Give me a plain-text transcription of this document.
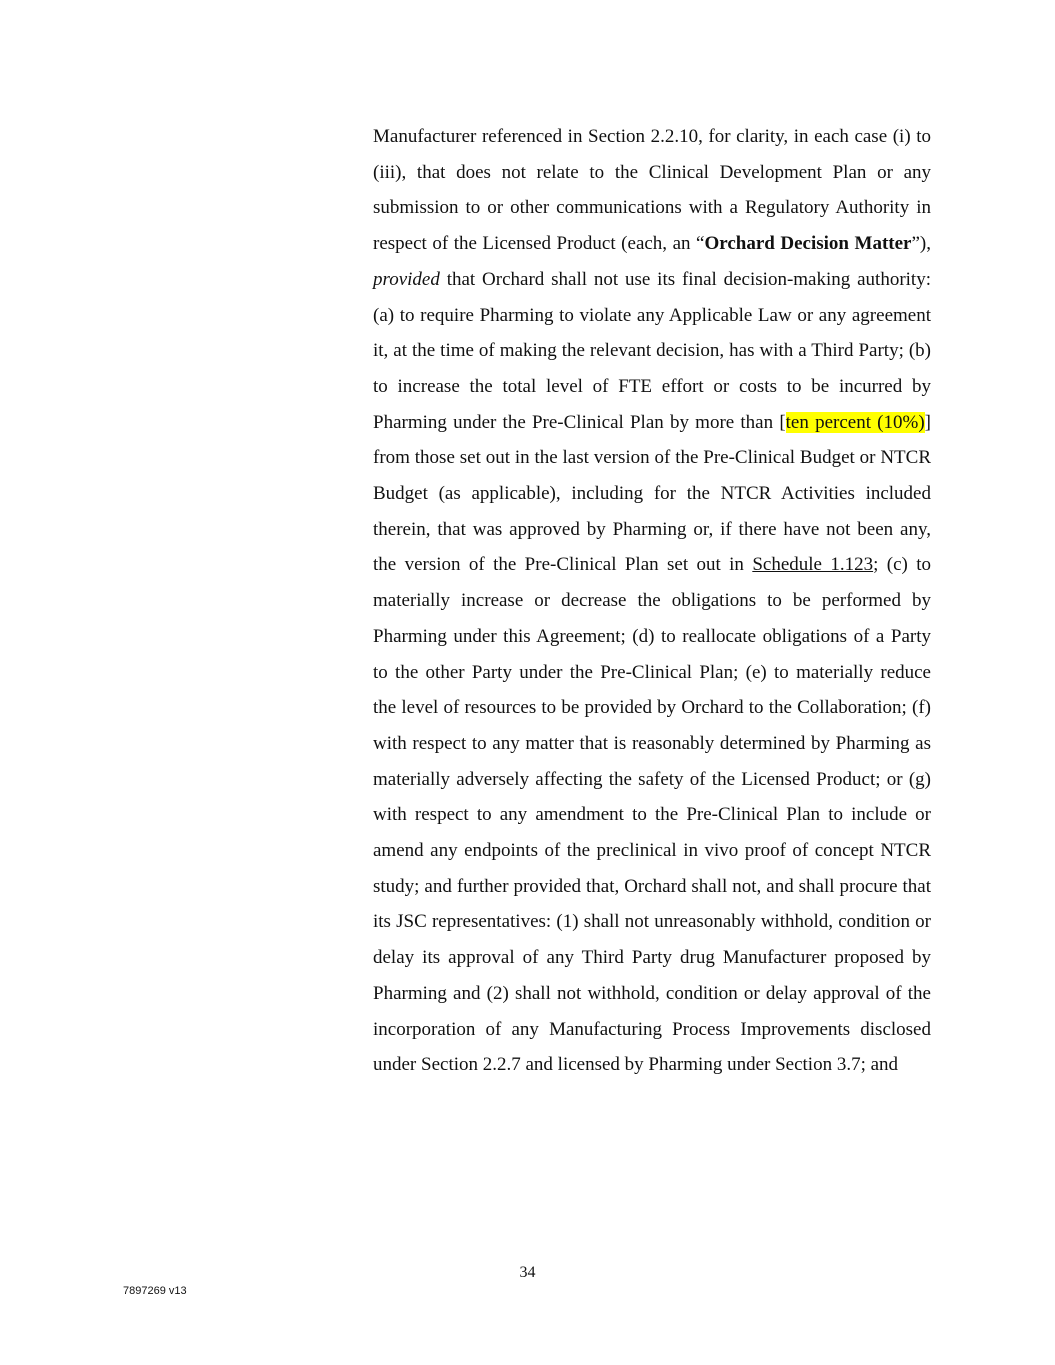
Manufacturer referenced in Section 2.2.10, for clarity, in each case (i) to (iii), that does not relate to the Clinical Development Plan or any submission to or other communications with a Regulatory Authority in respect of the Licensed Product (each, an “Orchard Decision Matter”), provided that Orchard shall not use its final decision-making authority: (a) to require Pharming to violate any Applicable Law or any agreement it, at the time of making the relevant decision, has with a Third Party; (b) to increase the total level of FTE effort or costs to be incurred by Pharming under the Pre-Clinical Plan by more than [ten percent (10%)] from those set out in the last version of the Pre-Clinical Budget or NTCR Budget (as applicable), including for the NTCR Activities included therein, that was approved by Pharming or, if there have not been any, the version of the Pre-Clinical Plan set out in Schedule 1.123; (c) to materially increase or decrease the obligations to be performed by Pharming under this Agreement; (d) to reallocate obligations of a Party to the other Party under the Pre-Clinical Plan; (e) to materially reduce the level of resources to be provided by Orchard to the Collaboration; (f) with respect to any matter that is reasonably determined by Pharming as materially adversely affecting the safety of the Licensed Product; or (g) with respect to any amendment to the Pre-Clinical Plan to include or amend any endpoints of the preclinical in vivo proof of concept NTCR study; and further provided that, Orchard shall not, and shall procure that its JSC representatives: (1) shall not unreasonably withhold, condition or delay its approval of any Third Party drug Manufacturer proposed by Pharming and (2) shall not withhold, condition or delay approval of the incorporation of any Manufacturing Process Improvements disclosed under Section 2.2.7 and licensed by Pharming under Section 3.7; and

34
7897269 v13
